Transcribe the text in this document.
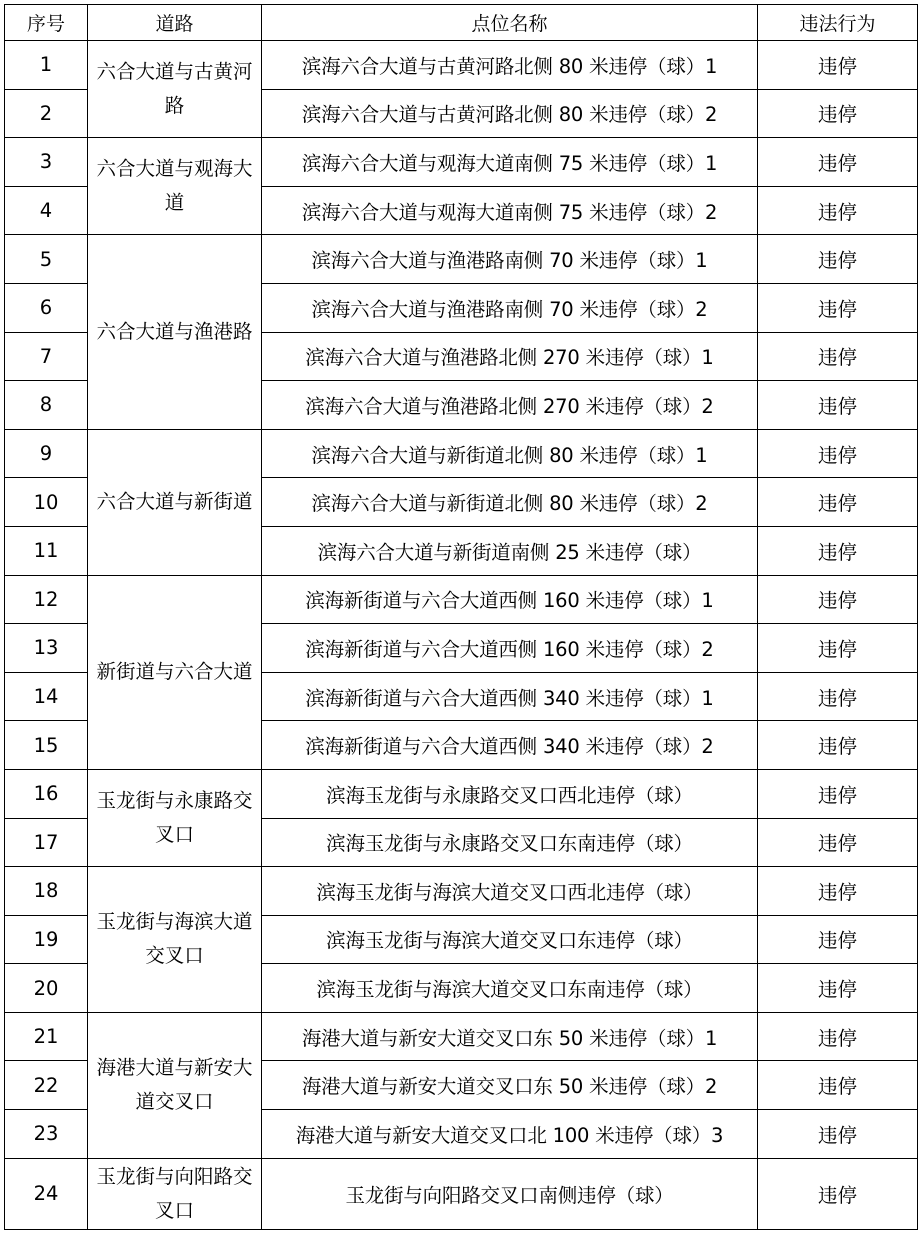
序号	道路	点位名称	违法行为
1	六合大道与古黄河路	滨海六合大道与古黄河路北侧 80 米违停（球）1	违停
2		滨海六合大道与古黄河路北侧 80 米违停（球）2	违停
3	六合大道与观海大道	滨海六合大道与观海大道南侧 75 米违停（球）1	违停
4		滨海六合大道与观海大道南侧 75 米违停（球）2	违停
5	六合大道与渔港路	滨海六合大道与渔港路南侧 70 米违停（球）1	违停
6		滨海六合大道与渔港路南侧 70 米违停（球）2	违停
7		滨海六合大道与渔港路北侧 270 米违停（球）1	违停
8		滨海六合大道与渔港路北侧 270 米违停（球）2	违停
9	六合大道与新街道	滨海六合大道与新街道北侧 80 米违停（球）1	违停
10		滨海六合大道与新街道北侧 80 米违停（球）2	违停
11		滨海六合大道与新街道南侧 25 米违停（球）	违停
12	新街道与六合大道	滨海新街道与六合大道西侧 160 米违停（球）1	违停
13		滨海新街道与六合大道西侧 160 米违停（球）2	违停
14		滨海新街道与六合大道西侧 340 米违停（球）1	违停
15		滨海新街道与六合大道西侧 340 米违停（球）2	违停
16	玉龙街与永康路交叉口	滨海玉龙街与永康路交叉口西北违停（球）	违停
17		滨海玉龙街与永康路交叉口东南违停（球）	违停
18	玉龙街与海滨大道交叉口	滨海玉龙街与海滨大道交叉口西北违停（球）	违停
19		滨海玉龙街与海滨大道交叉口东违停（球）	违停
20		滨海玉龙街与海滨大道交叉口东南违停（球）	违停
21	海港大道与新安大道交叉口	海港大道与新安大道交叉口东 50 米违停（球）1	违停
22		海港大道与新安大道交叉口东 50 米违停（球）2	违停
23		海港大道与新安大道交叉口北 100 米违停（球）3	违停
24	玉龙街与向阳路交叉口	玉龙街与向阳路交叉口南侧违停（球）	违停
